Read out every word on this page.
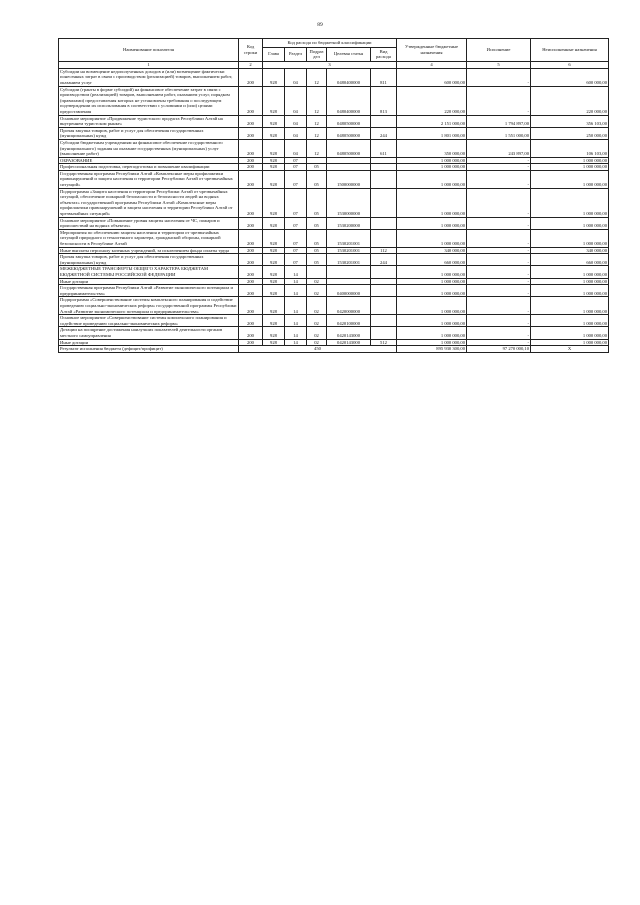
89
Наименование показателя	Код строки	Код расхода по бюджетной классификации					Утвержденные бюджетные назначения	Исполнение	Неисполненные назначения
		Глава	Раздел	Подраз дел	Целевая статья	Вид расхода			
1	2	3					4	5	6
Субсидии на возмещение недополученных доходов и (или) возмещение фактически понесенных затрат в связи с производством (реализацией) товаров, выполнением работ, оказанием услуг	200	928	04	12	0480400000	811	600 000,00	-	600 000,00
Субсидии (гранты в форме субсидий) на финансовое обеспечение затрат в связи с производством (реализацией) товаров, выполнением работ, оказанием услуг, порядком (правилами) предоставления которых не установлены требования о последующем подтверждении их использования в соответствии с условиями и (или) целями предоставления	200	928	04	12	0480400000	813	220 000,00	-	220 000,00
Основное мероприятие «Продвижение туристского продукта Республики Алтай на внутреннем туристском рынке»	200	928	04	12	0480500000		2 151 000,00	1 794 897,00	356 103,00
Прочая закупка товаров, работ и услуг для обеспечения государственных (муниципальных) нужд	200	928	04	12	0480500000	244	1 801 000,00	1 551 000,00	250 000,00
Субсидии бюджетным учреждениям на финансовое обеспечение государственного (муниципального) задания на оказание государственных (муниципальных) услуг (выполнение работ)	200	928	04	12	0480500000	611	350 000,00	243 897,00	106 103,00
ОБРАЗОВАНИЕ	200	928	07				1 000 000,00	-	1 000 000,00
Профессиональная подготовка, переподготовка и повышение квалификации	200	928	07	05			1 000 000,00	-	1 000 000,00
Государственная программа Республики Алтай «Комплексные меры профилактики правонарушений и защита населения и территории Республики Алтай от чрезвычайных ситуаций»	200	928	07	05	1500000000		1 000 000,00	-	1 000 000,00
Подпрограмма «Защита населения и территории Республики Алтай от чрезвычайных ситуаций, обеспечение пожарной безопасности и безопасности людей на водных объектах» государственной программы Республики Алтай «Комплексные меры профилактики правонарушений и защита населения и территории Республики Алтай от чрезвычайных ситуаций»	200	928	07	05	1530000000		1 000 000,00	-	1 000 000,00
Основное мероприятие «Повышение уровня защиты населения от ЧС, пожаров и происшествий на водных объектах»	200	928	07	05	1530200000		1 000 000,00	-	1 000 000,00
Мероприятия по обеспечению защиты населения и территории от чрезвычайных ситуаций природного и техногенного характера, гражданской обороны, пожарной безопасности в Республике Алтай	200	928	07	05	1530201001		1 000 000,00	-	1 000 000,00
Иные выплаты персоналу казенных учреждений, за исключением фонда оплаты труда	200	928	07	05	1530201001	112	340 000,00	-	340 000,00
Прочая закупка товаров, работ и услуг для обеспечения государственных (муниципальных) нужд	200	928	07	05	1530201001	244	660 000,00	-	660 000,00
МЕЖБЮДЖЕТНЫЕ ТРАНСФЕРТЫ ОБЩЕГО ХАРАКТЕРА БЮДЖЕТАМ БЮДЖЕТНОЙ СИСТЕМЫ РОССИЙСКОЙ ФЕДЕРАЦИИ	200	928	14				1 000 000,00	-	1 000 000,00
Иные дотации	200	928	14	02			1 000 000,00	-	1 000 000,00
Государственная программа Республики Алтай «Развитие экономического потенциала и предпринимательства»	200	928	14	02	0400000000		1 000 000,00	-	1 000 000,00
Подпрограмма «Совершенствование системы комплексного планирования и содействие проведению социально-экономических реформ» государственной программы Республики Алтай «Развитие экономического потенциала и предпринимательства»	200	928	14	02	0420000000		1 000 000,00	-	1 000 000,00
Основное мероприятие «Совершенствование системы комплексного планирования и содействие проведению социально-экономических реформ»	200	928	14	02	0420100000		1 000 000,00	-	1 000 000,00
Дотации на поощрение достижения наилучших показателей деятельности органов местного самоуправления	200	928	14	02	0420143000		1 000 000,00	-	1 000 000,00
Иные дотации	200	928	14	02	0420143000	512	1 000 000,00	-	1 000 000,00
Результат исполнения бюджета (дефицит/профицит)	450						895 930 300,00	97 270 000,10	X
